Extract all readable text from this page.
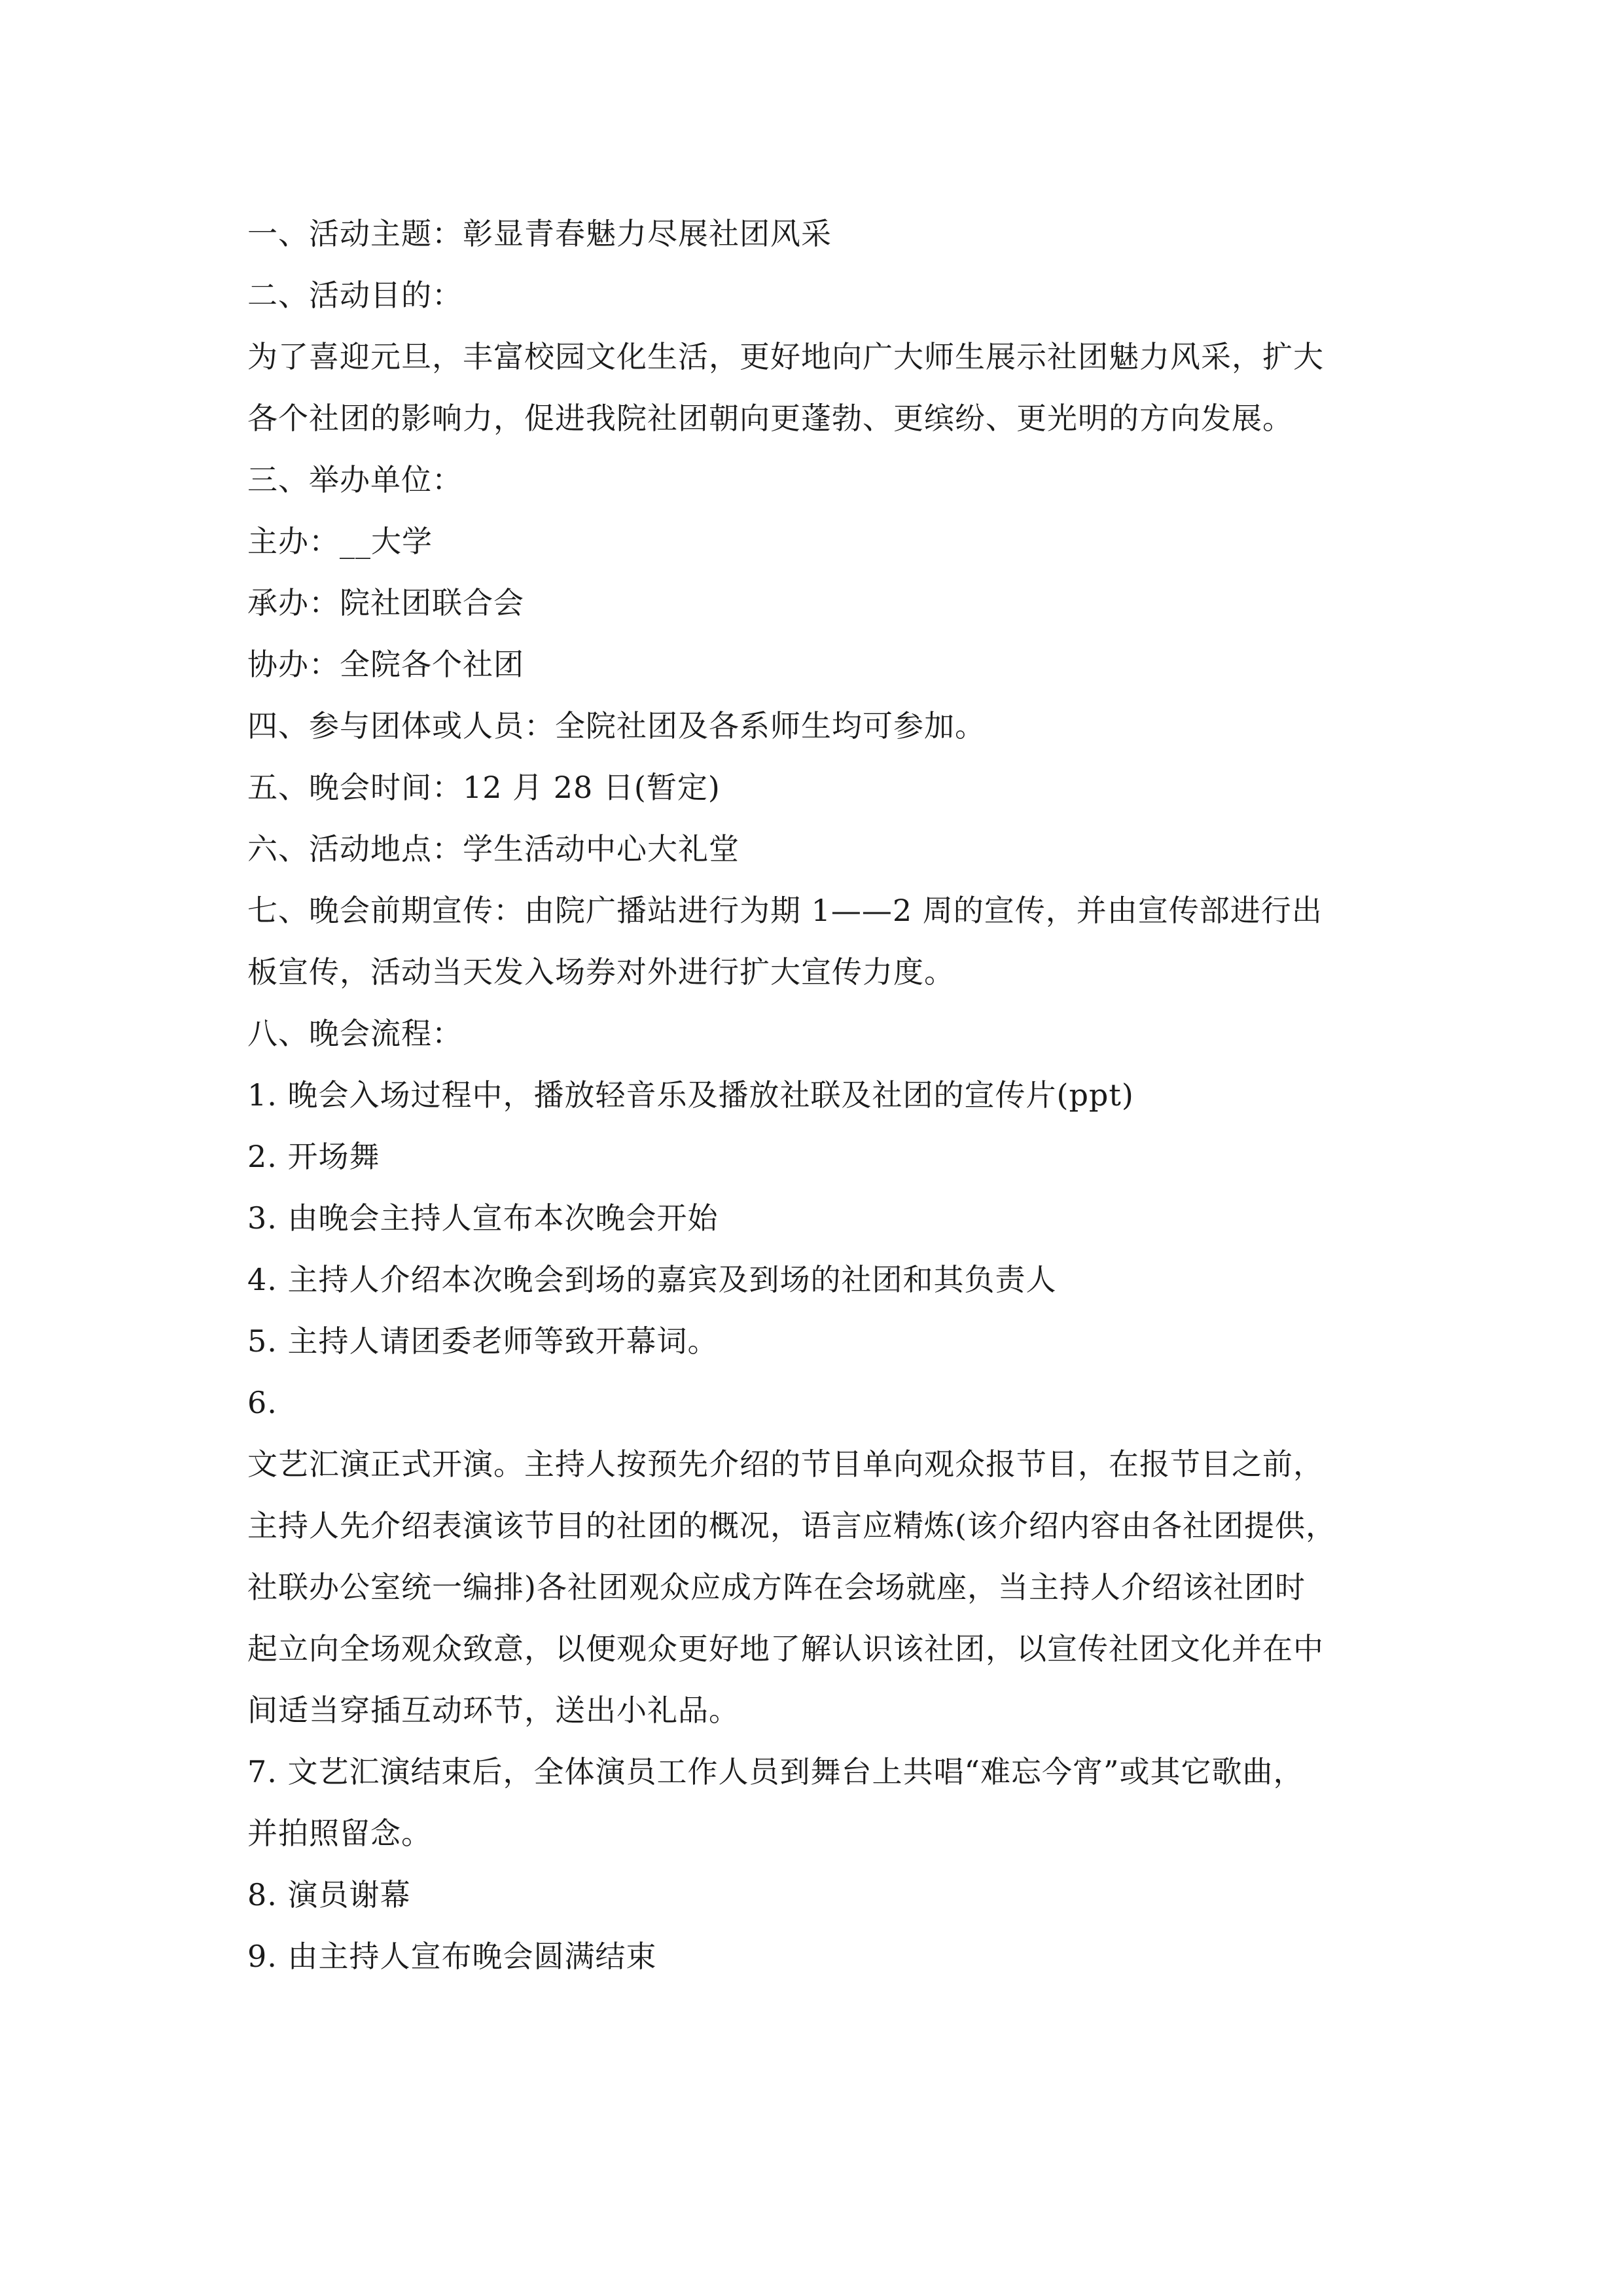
一、活动主题：彰显青春魅力尽展社团风采
二、活动目的：
为了喜迎元旦，丰富校园文化生活，更好地向广大师生展示社团魅力风采，扩大
各个社团的影响力，促进我院社团朝向更蓬勃、更缤纷、更光明的方向发展。
三、举办单位：
主办：__大学
承办：院社团联合会
协办：全院各个社团
四、参与团体或人员：全院社团及各系师生均可参加。
五、晚会时间：12 月 28 日(暂定)
六、活动地点：学生活动中心大礼堂
七、晚会前期宣传：由院广播站进行为期 1——2 周的宣传，并由宣传部进行出
板宣传，活动当天发入场券对外进行扩大宣传力度。
八、晚会流程：
1. 晚会入场过程中，播放轻音乐及播放社联及社团的宣传片(ppt)
2. 开场舞
3. 由晚会主持人宣布本次晚会开始
4. 主持人介绍本次晚会到场的嘉宾及到场的社团和其负责人
5. 主持人请团委老师等致开幕词。
6.
文艺汇演正式开演。主持人按预先介绍的节目单向观众报节目，在报节目之前，
主持人先介绍表演该节目的社团的概况，语言应精炼(该介绍内容由各社团提供，
社联办公室统一编排)各社团观众应成方阵在会场就座，当主持人介绍该社团时
起立向全场观众致意，以便观众更好地了解认识该社团，以宣传社团文化并在中
间适当穿插互动环节，送出小礼品。
7. 文艺汇演结束后，全体演员工作人员到舞台上共唱“难忘今宵”或其它歌曲，
并拍照留念。
8. 演员谢幕
9. 由主持人宣布晚会圆满结束
